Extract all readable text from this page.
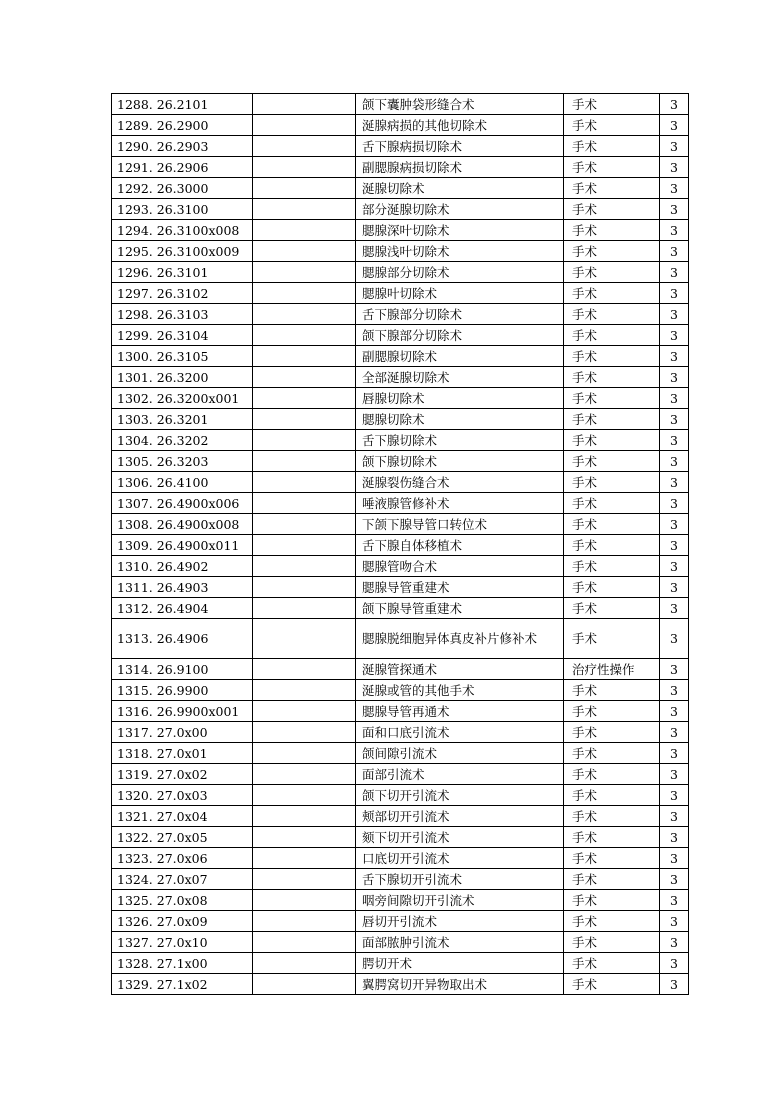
1288. 26.2101		颌下囊肿袋形缝合术	手术	3
1289. 26.2900		涎腺病损的其他切除术	手术	3
1290. 26.2903		舌下腺病损切除术	手术	3
1291. 26.2906		副腮腺病损切除术	手术	3
1292. 26.3000		涎腺切除术	手术	3
1293. 26.3100		部分涎腺切除术	手术	3
1294. 26.3100x008		腮腺深叶切除术	手术	3
1295. 26.3100x009		腮腺浅叶切除术	手术	3
1296. 26.3101		腮腺部分切除术	手术	3
1297. 26.3102		腮腺叶切除术	手术	3
1298. 26.3103		舌下腺部分切除术	手术	3
1299. 26.3104		颌下腺部分切除术	手术	3
1300. 26.3105		副腮腺切除术	手术	3
1301. 26.3200		全部涎腺切除术	手术	3
1302. 26.3200x001		唇腺切除术	手术	3
1303. 26.3201		腮腺切除术	手术	3
1304. 26.3202		舌下腺切除术	手术	3
1305. 26.3203		颌下腺切除术	手术	3
1306. 26.4100		涎腺裂伤缝合术	手术	3
1307. 26.4900x006		唾液腺管修补术	手术	3
1308. 26.4900x008		下颌下腺导管口转位术	手术	3
1309. 26.4900x011		舌下腺自体移植术	手术	3
1310. 26.4902		腮腺管吻合术	手术	3
1311. 26.4903		腮腺导管重建术	手术	3
1312. 26.4904		颌下腺导管重建术	手术	3
1313. 26.4906		腮腺脱细胞异体真皮补片修补术	手术	3
1314. 26.9100		涎腺管探通术	治疗性操作	3
1315. 26.9900		涎腺或管的其他手术	手术	3
1316. 26.9900x001		腮腺导管再通术	手术	3
1317. 27.0x00		面和口底引流术	手术	3
1318. 27.0x01		颌间隙引流术	手术	3
1319. 27.0x02		面部引流术	手术	3
1320. 27.0x03		颌下切开引流术	手术	3
1321. 27.0x04		颊部切开引流术	手术	3
1322. 27.0x05		颏下切开引流术	手术	3
1323. 27.0x06		口底切开引流术	手术	3
1324. 27.0x07		舌下腺切开引流术	手术	3
1325. 27.0x08		咽旁间隙切开引流术	手术	3
1326. 27.0x09		唇切开引流术	手术	3
1327. 27.0x10		面部脓肿引流术	手术	3
1328. 27.1x00		腭切开术	手术	3
1329. 27.1x02		翼腭窝切开异物取出术	手术	3
